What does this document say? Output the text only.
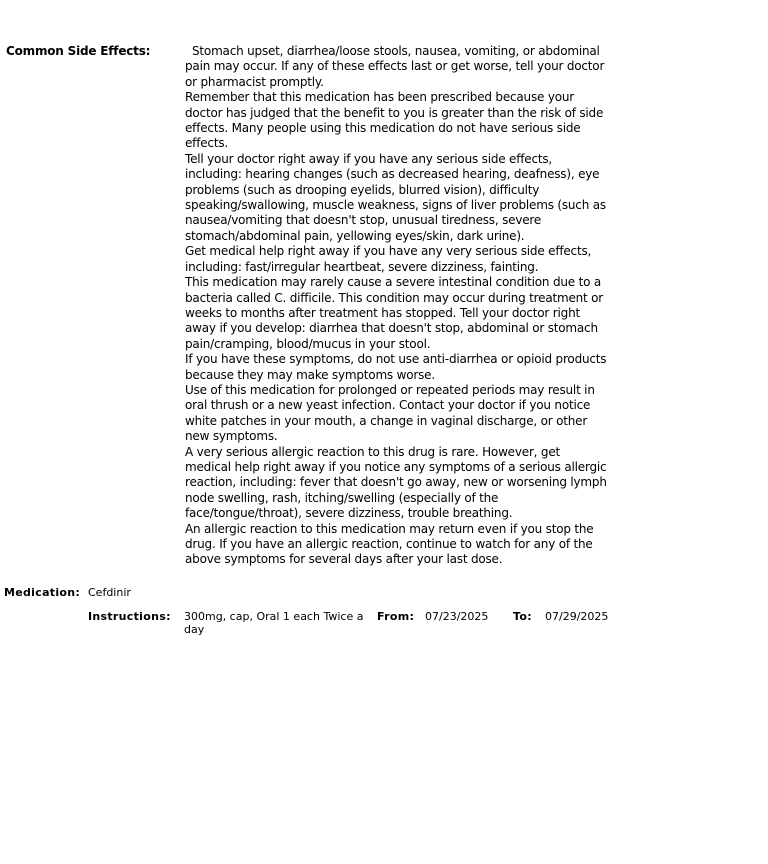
Common Side Effects:	Stomach upset, diarrhea/loose stools, nausea, vomiting, or abdominal pain may occur. If any of these effects last or get worse, tell your doctor or pharmacist promptly.

Remember that this medication has been prescribed because your doctor has judged that the benefit to you is greater than the risk of side effects. Many people using this medication do not have serious side effects.

Tell your doctor right away if you have any serious side effects, including: hearing changes (such as decreased hearing, deafness), eye problems (such as drooping eyelids, blurred vision), difficulty speaking/swallowing, muscle weakness, signs of liver problems (such as nausea/vomiting that doesn't stop, unusual tiredness, severe stomach/abdominal pain, yellowing eyes/skin, dark urine).

Get medical help right away if you have any very serious side effects, including: fast/irregular heartbeat, severe dizziness, fainting.

This medication may rarely cause a severe intestinal condition due to a bacteria called C. difficile. This condition may occur during treatment or weeks to months after treatment has stopped. Tell your doctor right away if you develop: diarrhea that doesn't stop, abdominal or stomach pain/cramping, blood/mucus in your stool.

If you have these symptoms, do not use anti-diarrhea or opioid products because they may make symptoms worse.

Use of this medication for prolonged or repeated periods may result in oral thrush or a new yeast infection. Contact your doctor if you notice white patches in your mouth, a change in vaginal discharge, or other new symptoms.

A very serious allergic reaction to this drug is rare. However, get medical help right away if you notice any symptoms of a serious allergic reaction, including: fever that doesn't go away, new or worsening lymph node swelling, rash, itching/swelling (especially of the face/tongue/throat), severe dizziness, trouble breathing.

An allergic reaction to this medication may return even if you stop the drug. If you have an allergic reaction, continue to watch for any of the above symptoms for several days after your last dose.

Medication: Cefdinir
Instructions: 300mg, cap, Oral 1 each Twice a day
From: 07/23/2025 To: 07/29/2025
